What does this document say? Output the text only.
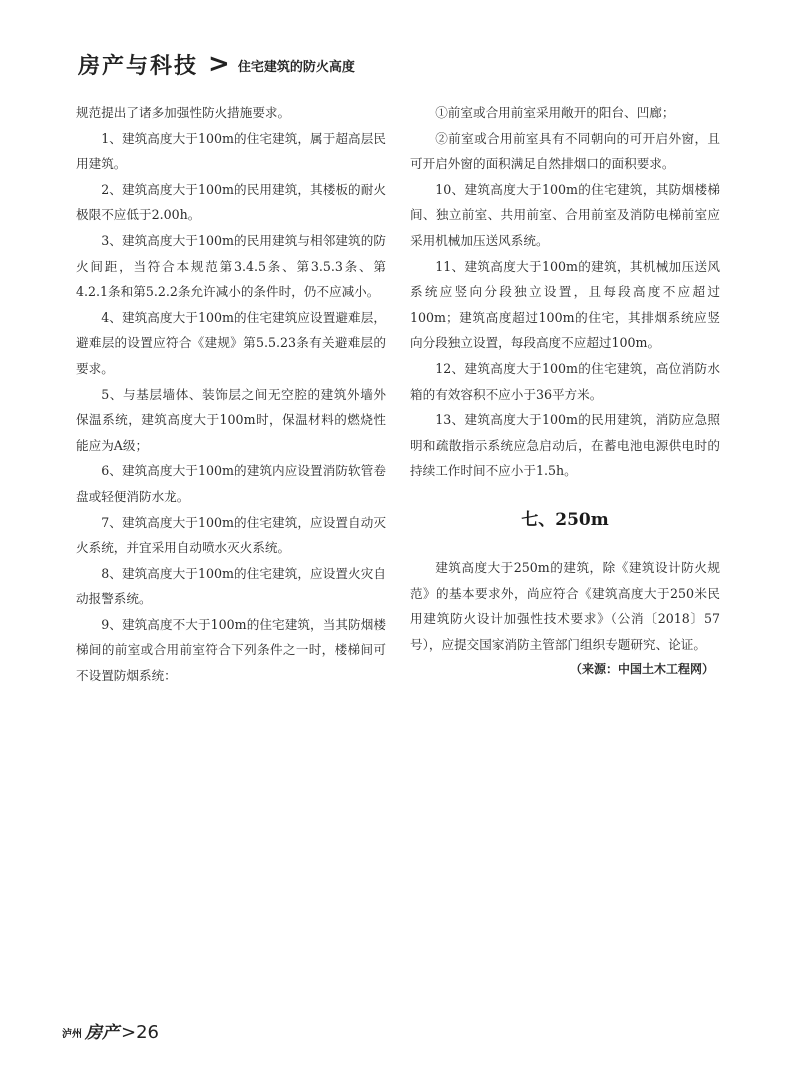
房产与科技 > 住宅建筑的防火高度

规范提出了诸多加强性防火措施要求。

1、建筑高度大于100m的住宅建筑，属于超高层民用建筑。

2、建筑高度大于100m的民用建筑，其楼板的耐火极限不应低于2.00h。

3、建筑高度大于100m的民用建筑与相邻建筑的防火间距，当符合本规范第3.4.5条、第3.5.3条、第4.2.1条和第5.2.2条允许减小的条件时，仍不应减小。

4、建筑高度大于100m的住宅建筑应设置避难层，避难层的设置应符合《建规》第5.5.23条有关避难层的要求。

5、与基层墙体、装饰层之间无空腔的建筑外墙外保温系统，建筑高度大于100m时，保温材料的燃烧性能应为A级；

6、建筑高度大于100m的建筑内应设置消防软管卷盘或轻便消防水龙。

7、建筑高度大于100m的住宅建筑，应设置自动灭火系统，并宜采用自动喷水灭火系统。

8、建筑高度大于100m的住宅建筑，应设置火灾自动报警系统。

9、建筑高度不大于100m的住宅建筑，当其防烟楼梯间的前室或合用前室符合下列条件之一时，楼梯间可不设置防烟系统：

①前室或合用前室采用敞开的阳台、凹廊；

②前室或合用前室具有不同朝向的可开启外窗，且可开启外窗的面积满足自然排烟口的面积要求。

10、建筑高度大于100m的住宅建筑，其防烟楼梯间、独立前室、共用前室、合用前室及消防电梯前室应采用机械加压送风系统。

11、建筑高度大于100m的建筑，其机械加压送风系统应竖向分段独立设置，且每段高度不应超过100m；建筑高度超过100m的住宅，其排烟系统应竖向分段独立设置，每段高度不应超过100m。

12、建筑高度大于100m的住宅建筑，高位消防水箱的有效容积不应小于36平方米。

13、建筑高度大于100m的民用建筑，消防应急照明和疏散指示系统应急启动后，在蓄电池电源供电时的持续工作时间不应小于1.5h。

七、250m

建筑高度大于250m的建筑，除《建筑设计防火规范》的基本要求外，尚应符合《建筑高度大于250米民用建筑防火设计加强性技术要求》（公消〔2018〕57号），应提交国家消防主管部门组织专题研究、论证。

（来源：中国土木工程网）

泸州 房产 >26
